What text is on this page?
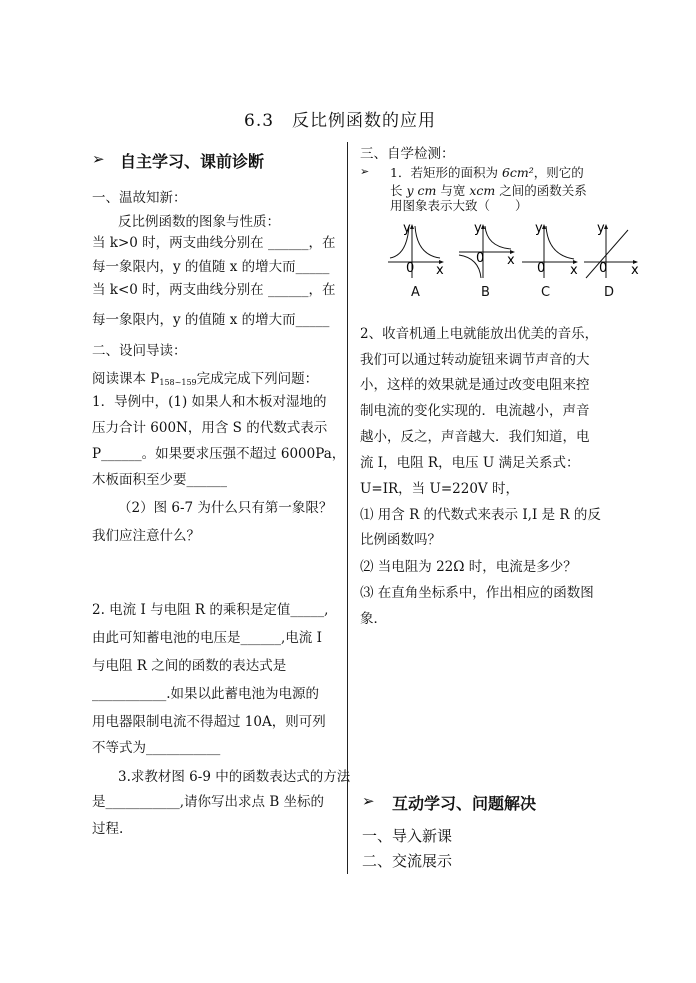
6.3　反比例函数的应用
➢ 自主学习、课前诊断
一、温故知新：
反比例函数的图象与性质：
当 k>0 时，两支曲线分别在 ______，在
每一象限内，y 的值随 x 的增大而_____
当 k<0 时，两支曲线分别在 ______，在
每一象限内，y 的值随 x 的增大而_____
二、设问导读：
阅读课本 $P_{158\sim 159}$完成完成下列问题：
1．导例中，(1) 如果人和木板对湿地的
压力合计 600N，用含 S 的代数式表示
P______。如果要求压强不超过 6000Pa，
木板面积至少要______
（2）图 6-7 为什么只有第一象限？
我们应注意什么？
2. 电流 I 与电阻 R 的乘积是定值_____,
由此可知蓄电池的电压是______,电流 I
与电阻 R 之间的函数的表达式是
___________.如果以此蓄电池为电源的
用电器限制电流不得超过 10A，则可列
不等式为___________
3.求教材图 6-9 中的函数表达式的方法
是___________,请你写出求点 B 坐标的
过程.
三、自学检测：
➢ 1．若矩形的面积为 6cm²，则它的
长 y cm 与宽 xcm 之间的函数关系
用图象表示大致（　　）
y
x
0
A
y
x
0
B
y
x
0
C
y
x
0
D
2、收音机通上电就能放出优美的音乐，
我们可以通过转动旋钮来调节声音的大
小，这样的效果就是通过改变电阻来控
制电流的变化实现的．电流越小，声音
越小，反之，声音越大．我们知道，电
流 I，电阻 R，电压 U 满足关系式：
U=IR，当 U=220V 时，
⑴ 用含 R 的代数式来表示 I,I 是 R 的反
比例函数吗？
⑵ 当电阻为 22Ω 时，电流是多少？
⑶ 在直角坐标系中，作出相应的函数图
象．
➢ 互动学习、问题解决
一、导入新课
二、交流展示
